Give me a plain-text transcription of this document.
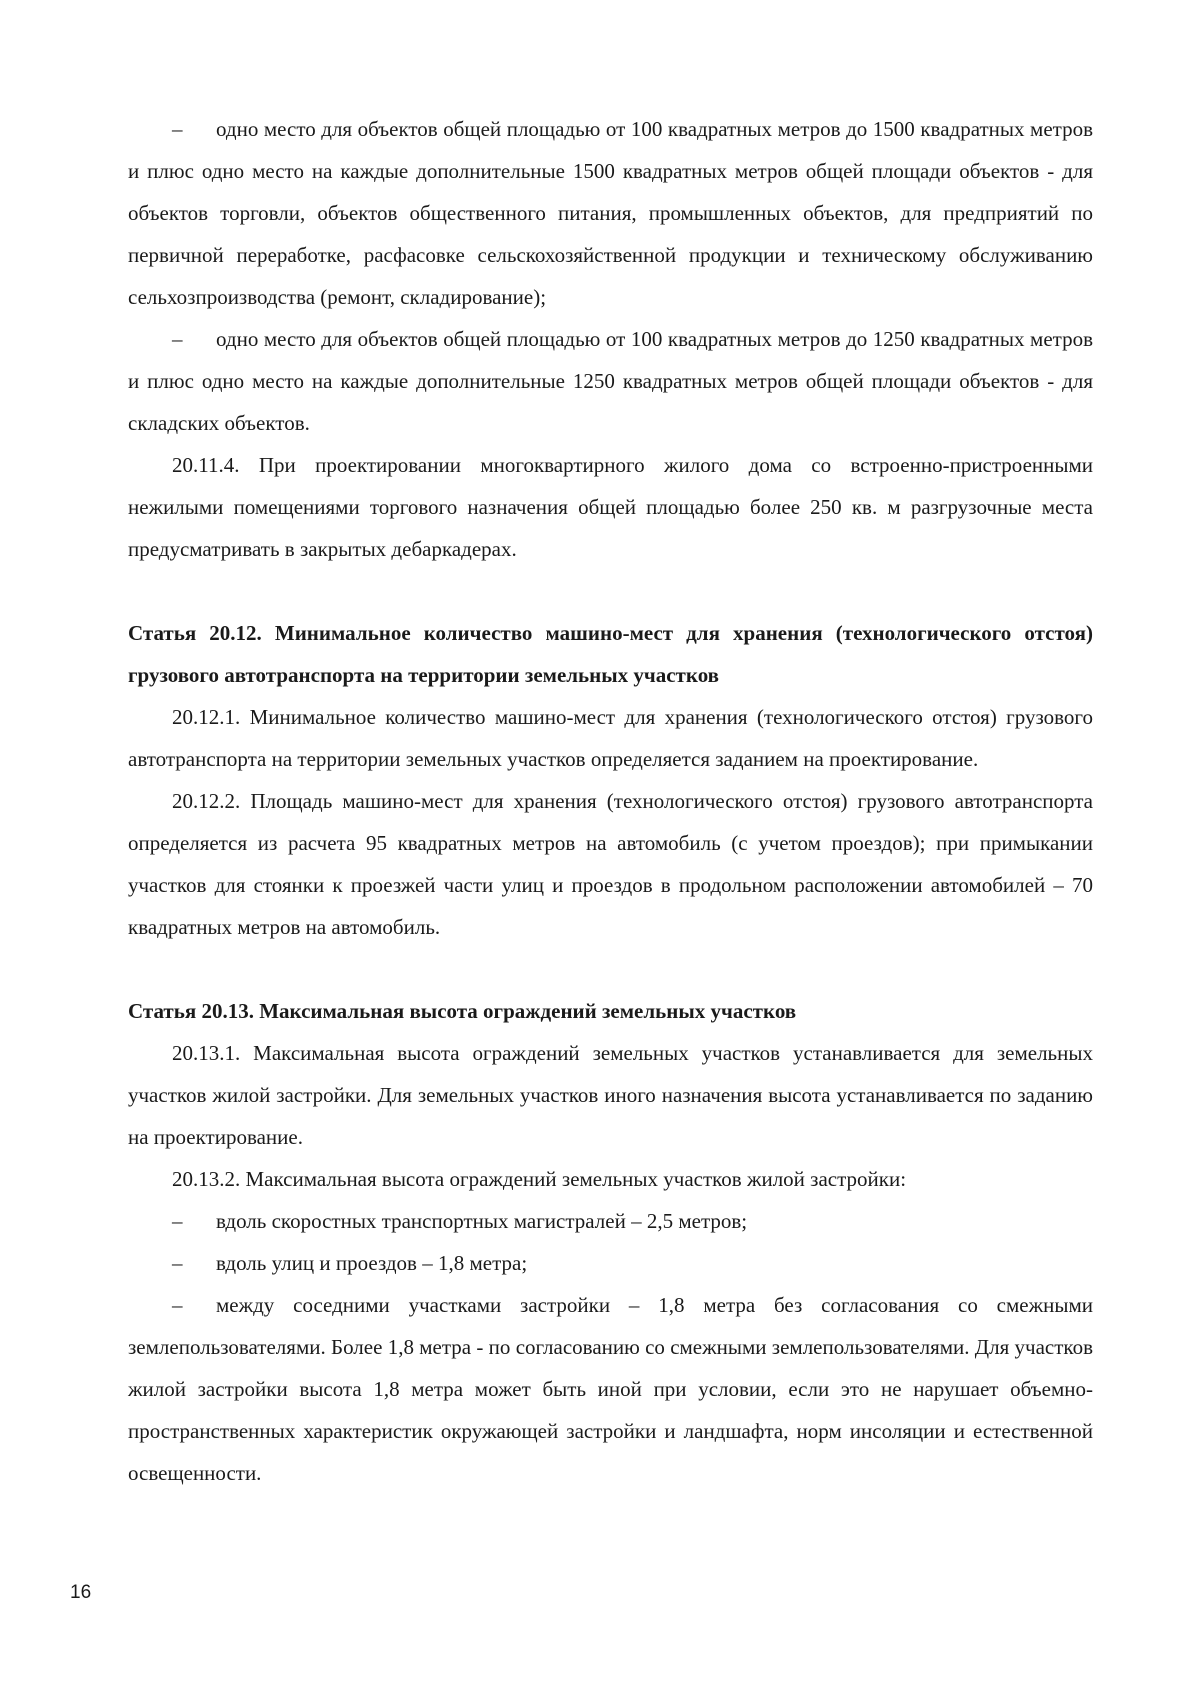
– одно место для объектов общей площадью от 100 квадратных метров до 1500 квадратных метров и плюс одно место на каждые дополнительные 1500 квадратных метров общей площади объектов - для объектов торговли, объектов общественного питания, промышленных объектов, для предприятий по первичной переработке, расфасовке сельскохозяйственной продукции и техническому обслуживанию сельхозпроизводства (ремонт, складирование);

– одно место для объектов общей площадью от 100 квадратных метров до 1250 квадратных метров и плюс одно место на каждые дополнительные 1250 квадратных метров общей площади объектов - для складских объектов.

20.11.4. При проектировании многоквартирного жилого дома со встроенно-пристроенными нежилыми помещениями торгового назначения общей площадью более 250 кв. м разгрузочные места предусматривать в закрытых дебаркадерах.

Статья 20.12. Минимальное количество машино-мест для хранения (технологического отстоя) грузового автотранспорта на территории земельных участков

20.12.1. Минимальное количество машино-мест для хранения (технологического отстоя) грузового автотранспорта на территории земельных участков определяется заданием на проектирование.

20.12.2. Площадь машино-мест для хранения (технологического отстоя) грузового автотранспорта определяется из расчета 95 квадратных метров на автомобиль (с учетом проездов); при примыкании участков для стоянки к проезжей части улиц и проездов в продольном расположении автомобилей – 70 квадратных метров на автомобиль.

Статья 20.13. Максимальная высота ограждений земельных участков

20.13.1. Максимальная высота ограждений земельных участков устанавливается для земельных участков жилой застройки. Для земельных участков иного назначения высота устанавливается по заданию на проектирование.

20.13.2. Максимальная высота ограждений земельных участков жилой застройки:

– вдоль скоростных транспортных магистралей – 2,5 метров;

– вдоль улиц и проездов – 1,8 метра;

– между соседними участками застройки – 1,8 метра без согласования со смежными землепользователями. Более 1,8 метра - по согласованию со смежными землепользователями. Для участков жилой застройки высота 1,8 метра может быть иной при условии, если это не нарушает объемно-пространственных характеристик окружающей застройки и ландшафта, норм инсоляции и естественной освещенности.

16
